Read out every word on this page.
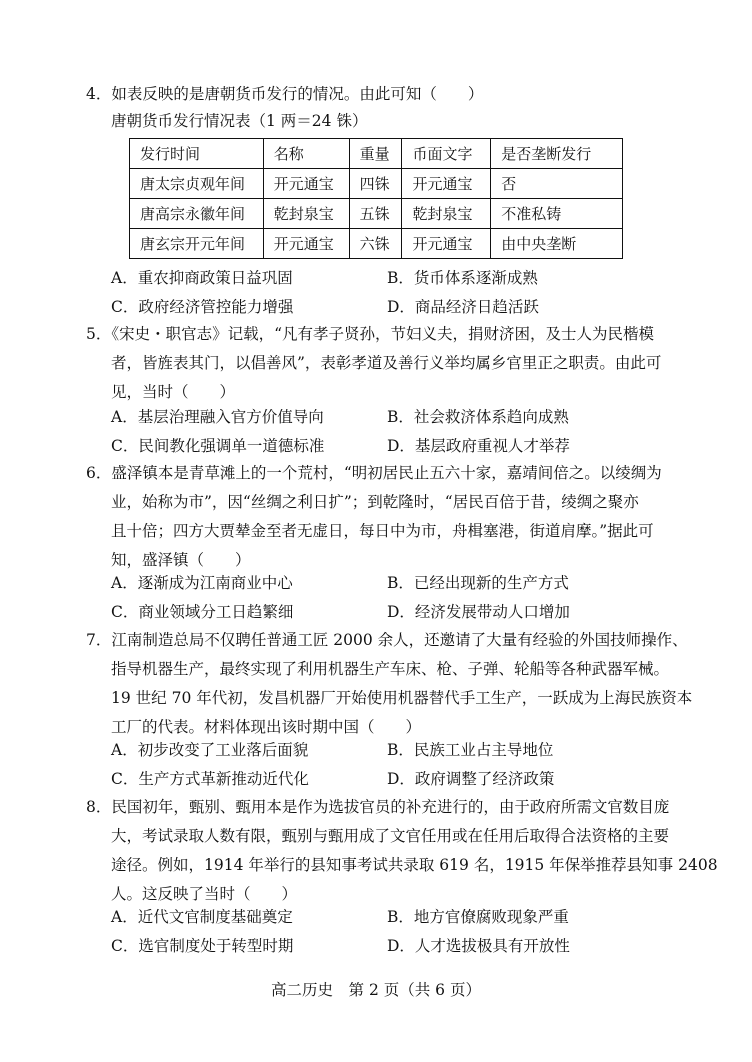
4．如表反映的是唐朝货币发行的情况。由此可知（　　）
唐朝货币发行情况表（1 两＝24 铢）
发行时间	名称	重量	币面文字	是否垄断发行
唐太宗贞观年间	开元通宝	四铢	开元通宝	否
唐高宗永徽年间	乾封泉宝	五铢	乾封泉宝	不准私铸
唐玄宗开元年间	开元通宝	六铢	开元通宝	由中央垄断
A．重农抑商政策日益巩固	B．货币体系逐渐成熟
C．政府经济管控能力增强	D．商品经济日趋活跃
5．《宋史・职官志》记载，“凡有孝子贤孙，节妇义夫，捐财济困，及士人为民楷模
者，皆旌表其门，以倡善风”，表彰孝道及善行义举均属乡官里正之职责。由此可
见，当时（　　）
A．基层治理融入官方价值导向	B．社会救济体系趋向成熟
C．民间教化强调单一道德标准	D．基层政府重视人才举荐
6．盛泽镇本是青草滩上的一个荒村，“明初居民止五六十家，嘉靖间倍之。以绫绸为
业，始称为市”，因“丝绸之利日扩”；到乾隆时，“居民百倍于昔，绫绸之聚亦
且十倍；四方大贾辇金至者无虚日，每日中为市，舟楫塞港，街道肩摩。”据此可
知，盛泽镇（　　）
A．逐渐成为江南商业中心	B．已经出现新的生产方式
C．商业领域分工日趋繁细	D．经济发展带动人口增加
7．江南制造总局不仅聘任普通工匠 2000 余人，还邀请了大量有经验的外国技师操作、
指导机器生产，最终实现了利用机器生产车床、枪、子弹、轮船等各种武器军械。
19 世纪 70 年代初，发昌机器厂开始使用机器替代手工生产，一跃成为上海民族资本
工厂的代表。材料体现出该时期中国（　　）
A．初步改变了工业落后面貌	B．民族工业占主导地位
C．生产方式革新推动近代化	D．政府调整了经济政策
8．民国初年，甄别、甄用本是作为选拔官员的补充进行的，由于政府所需文官数目庞
大，考试录取人数有限，甄别与甄用成了文官任用或在任用后取得合法资格的主要
途径。例如，1914 年举行的县知事考试共录取 619 名，1915 年保举推荐县知事 2408
人。这反映了当时（　　）
A．近代文官制度基础奠定	B．地方官僚腐败现象严重
C．选官制度处于转型时期	D．人才选拔极具有开放性
高二历史　第 2 页（共 6 页）
